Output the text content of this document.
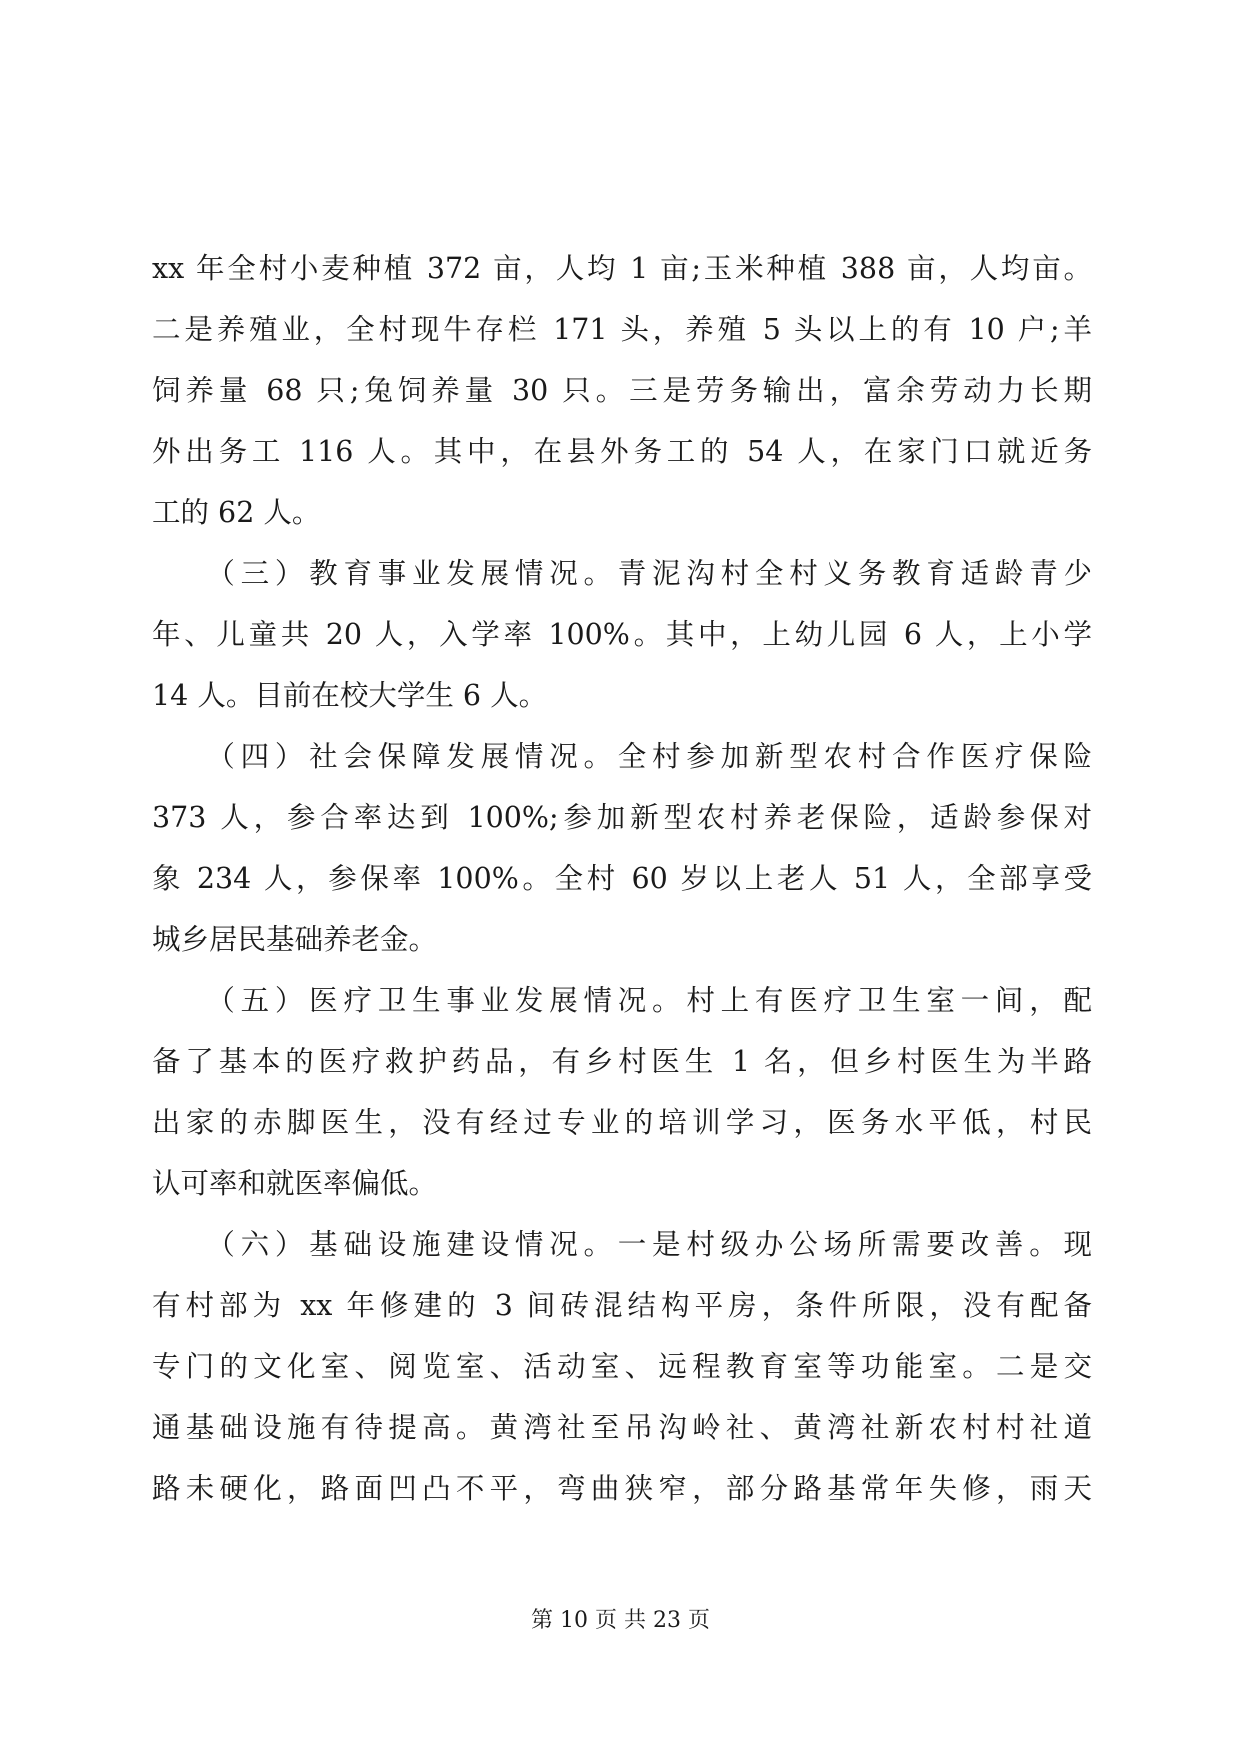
xx 年全村小麦种植 372 亩，人均 1 亩;玉米种植 388 亩，人均亩。
二是养殖业，全村现牛存栏 171 头，养殖 5 头以上的有 10 户;羊
饲养量 68 只;兔饲养量 30 只。三是劳务输出，富余劳动力长期
外出务工 116 人。其中，在县外务工的 54 人，在家门口就近务
工的 62 人。
　　（三）教育事业发展情况。青泥沟村全村义务教育适龄青少
年、儿童共 20 人，入学率 100%。其中，上幼儿园 6 人，上小学
14 人。目前在校大学生 6 人。
　　（四）社会保障发展情况。全村参加新型农村合作医疗保险
373 人，参合率达到 100%;参加新型农村养老保险，适龄参保对
象 234 人，参保率 100%。全村 60 岁以上老人 51 人，全部享受
城乡居民基础养老金。
　　（五）医疗卫生事业发展情况。村上有医疗卫生室一间，配
备了基本的医疗救护药品，有乡村医生 1 名，但乡村医生为半路
出家的赤脚医生，没有经过专业的培训学习，医务水平低，村民
认可率和就医率偏低。
　　（六）基础设施建设情况。一是村级办公场所需要改善。现
有村部为 xx 年修建的 3 间砖混结构平房，条件所限，没有配备
专门的文化室、阅览室、活动室、远程教育室等功能室。二是交
通基础设施有待提高。黄湾社至吊沟岭社、黄湾社新农村村社道
路未硬化，路面凹凸不平，弯曲狭窄，部分路基常年失修，雨天
第 10 页 共 23 页
